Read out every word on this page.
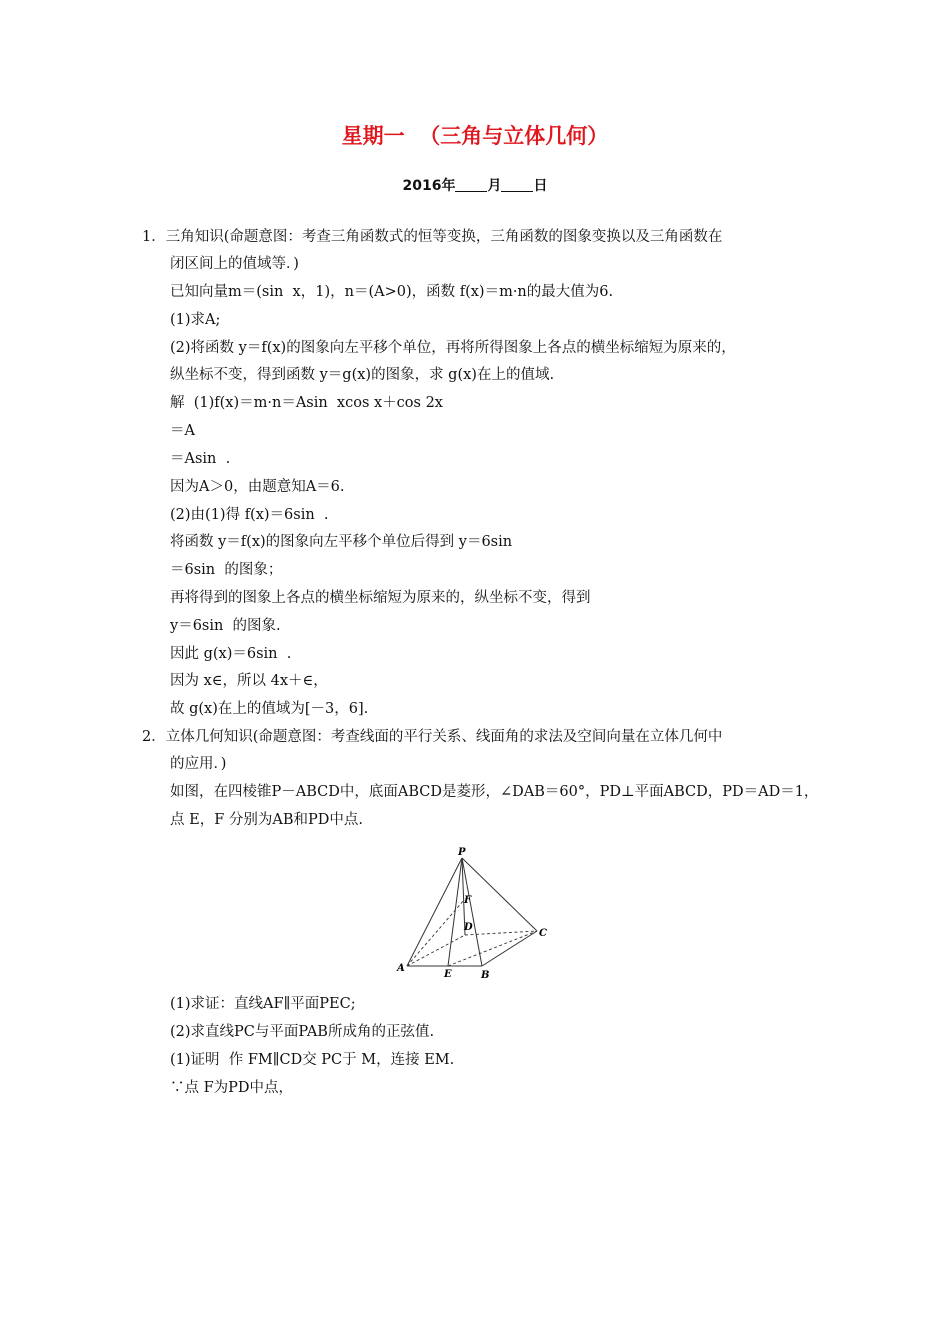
星期一  （三角与立体几何）
2016年 月 日
1．三角知识(命题意图：考查三角函数式的恒等变换，三角函数的图象变换以及三角函数在
闭区间上的值域等．)
已知向量m＝(sin  x，1)，n＝(A>0)，函数 f(x)＝m·n的最大值为6.
(1)求A;
(2)将函数 y＝f(x)的图象向左平移个单位，再将所得图象上各点的横坐标缩短为原来的，
纵坐标不变，得到函数 y＝g(x)的图象，求 g(x)在上的值域.
解  (1)f(x)＝m·n＝Asin  xcos x＋cos 2x
＝A
＝Asin  .
因为A＞0，由题意知A＝6.
(2)由(1)得 f(x)＝6sin  .
将函数 y＝f(x)的图象向左平移个单位后得到 y＝6sin
＝6sin  的图象；
再将得到的图象上各点的横坐标缩短为原来的，纵坐标不变，得到
y＝6sin  的图象.
因此 g(x)＝6sin  .
因为 x∈，所以 4x＋∈，
故 g(x)在上的值域为[－3，6].
2．立体几何知识(命题意图：考查线面的平行关系、线面角的求法及空间向量在立体几何中
的应用．)
如图，在四棱锥P－ABCD中，底面ABCD是菱形，∠DAB＝60°，PD⊥平面ABCD，PD＝AD＝1，
点 E，F 分别为AB和PD中点.
P
F
D
C
A
E	B
(1)求证：直线AF∥平面PEC;
(2)求直线PC与平面PAB所成角的正弦值.
(1)证明  作 FM∥CD交 PC于 M，连接 EM.
∵点 F为PD中点，
